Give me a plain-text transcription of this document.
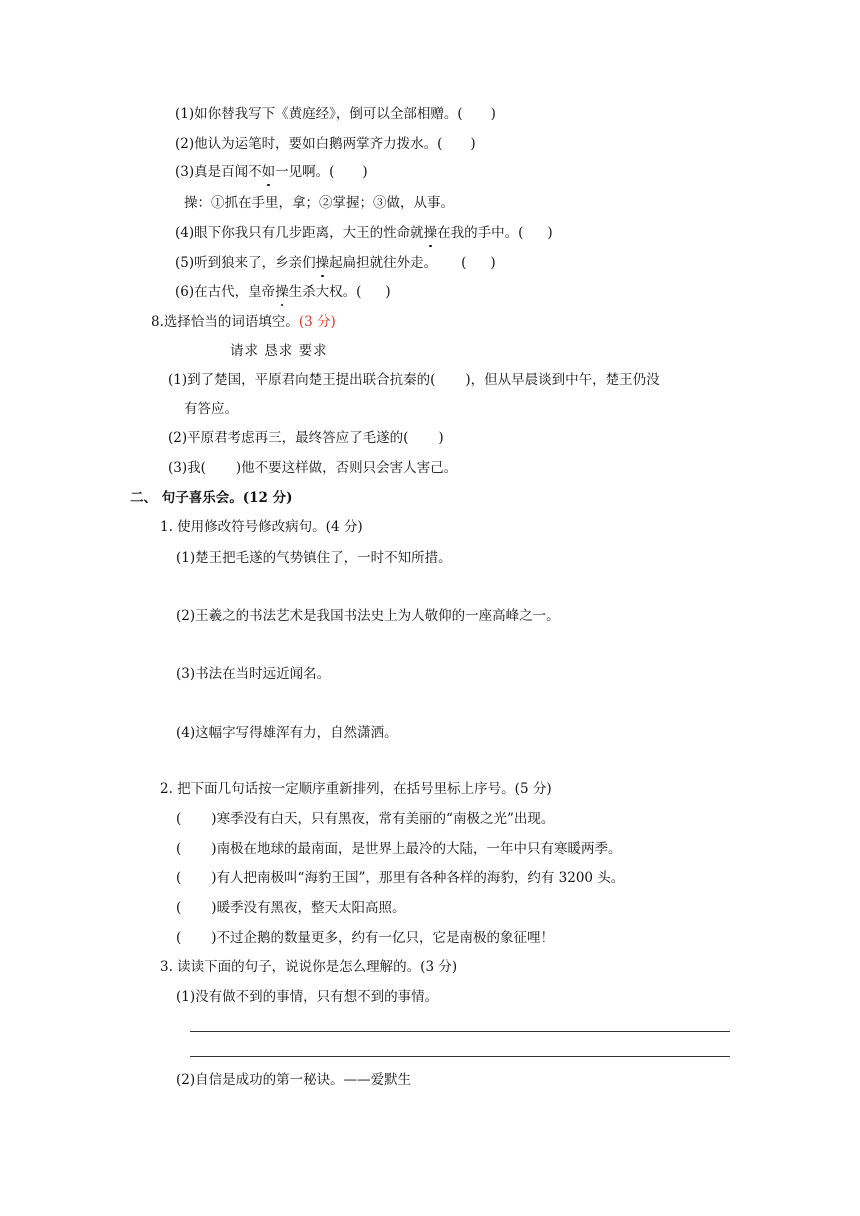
(1)如你替我写下《黄庭经》，倒可以全部相赠。( )
(2)他认为运笔时，要如白鹅两掌齐力拨水。( )
(3)真是百闻不如一见啊。( )
操：①抓在手里，拿；②掌握；③做，从事。
(4)眼下你我只有几步距离，大王的性命就操在我的手中。( )
(5)听到狼来了，乡亲们操起扁担就往外走。 ( )
(6)在古代，皇帝操生杀大权。( )
8.选择恰当的词语填空。(3 分)
请求 恳求 要求
(1)到了楚国，平原君向楚王提出联合抗秦的( )，但从早晨谈到中午，楚王仍没
有答应。
(2)平原君考虑再三，最终答应了毛遂的( )
(3)我( )他不要这样做，否则只会害人害己。
二、 句子喜乐会。(12 分)
1. 使用修改符号修改病句。(4 分)
(1)楚王把毛遂的气势镇住了，一时不知所措。
(2)王羲之的书法艺术是我国书法史上为人敬仰的一座高峰之一。
(3)书法在当时远近闻名。
(4)这幅字写得雄浑有力，自然潇洒。
2. 把下面几句话按一定顺序重新排列，在括号里标上序号。(5 分)
( )寒季没有白天，只有黑夜，常有美丽的“南极之光”出现。
( )南极在地球的最南面，是世界上最冷的大陆，一年中只有寒暖两季。
( )有人把南极叫“海豹王国”，那里有各种各样的海豹，约有 3200 头。
( )暖季没有黑夜，整天太阳高照。
( )不过企鹅的数量更多，约有一亿只，它是南极的象征哩！
3. 读读下面的句子，说说你是怎么理解的。(3 分)
(1)没有做不到的事情，只有想不到的事情。
(2)自信是成功的第一秘诀。——爱默生
